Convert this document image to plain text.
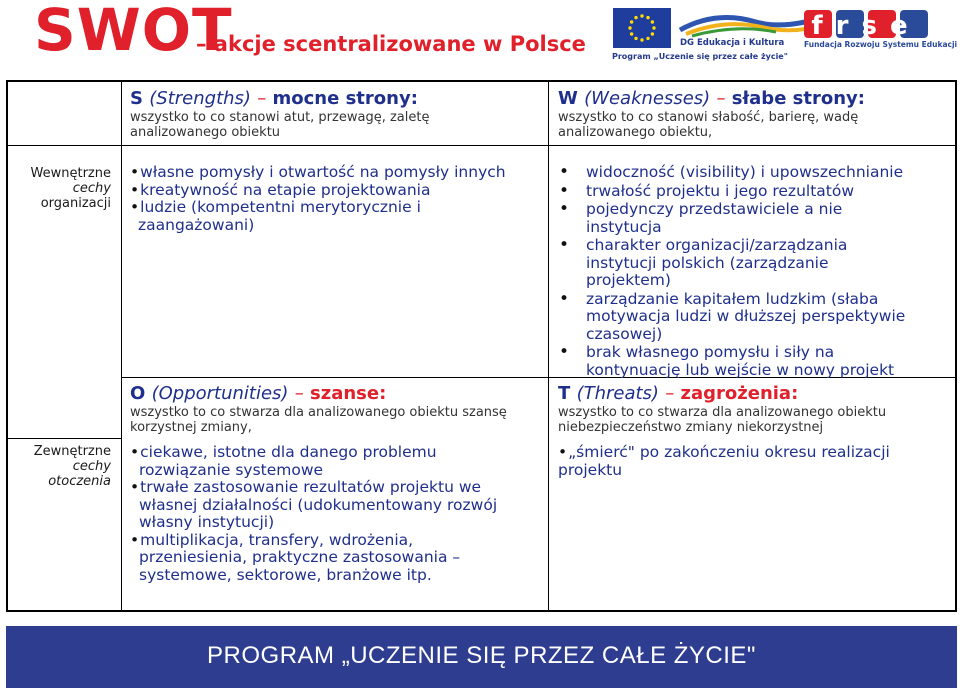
SWOT
– akcje scentralizowane w Polsce	DG Edukacja i Kultura
Program „Uczenie się przez całe życie"
frse
Fundacja Rozwoju Systemu Edukacji
Wewnętrzne
cechy
organizacji
Zewnętrzne
cechy
otoczenia
S (Strengths) – mocne strony:
wszystko to co stanowi atut, przewagę, zaletę analizowanego obiektu
•własne pomysły i otwartość na pomysły innych
•kreatywność na etapie projektowania
•ludzie (kompetentni merytorycznie i zaangażowani)
W (Weaknesses) – słabe strony:
wszystko to co stanowi słabość, barierę, wadę analizowanego obiektu,
• widoczność (visibility) i upowszechnianie
• trwałość projektu i jego rezultatów
• pojedynczy przedstawiciele a nie instytucja
• charakter organizacji/zarządzania instytucji polskich (zarządzanie projektem)
• zarządzanie kapitałem ludzkim (słaba motywacja ludzi w dłuższej perspektywie czasowej)
• brak własnego pomysłu i siły na kontynuację lub wejście w nowy projekt
O (Opportunities) – szanse:
wszystko to co stwarza dla analizowanego obiektu szansę korzystnej zmiany,
•ciekawe, istotne dla danego problemu rozwiązanie systemowe
•trwałe zastosowanie rezultatów projektu we własnej działalności (udokumentowany rozwój własny instytucji)
•multiplikacja, transfery, wdrożenia, przeniesienia, praktyczne zastosowania – systemowe, sektorowe, branżowe itp.
T (Threats) – zagrożenia:
wszystko to co stwarza dla analizowanego obiektu niebezpieczeństwo zmiany niekorzystnej
•„śmierć" po zakończeniu okresu realizacji projektu
PROGRAM „UCZENIE SIĘ PRZEZ CAŁE ŻYCIE"
